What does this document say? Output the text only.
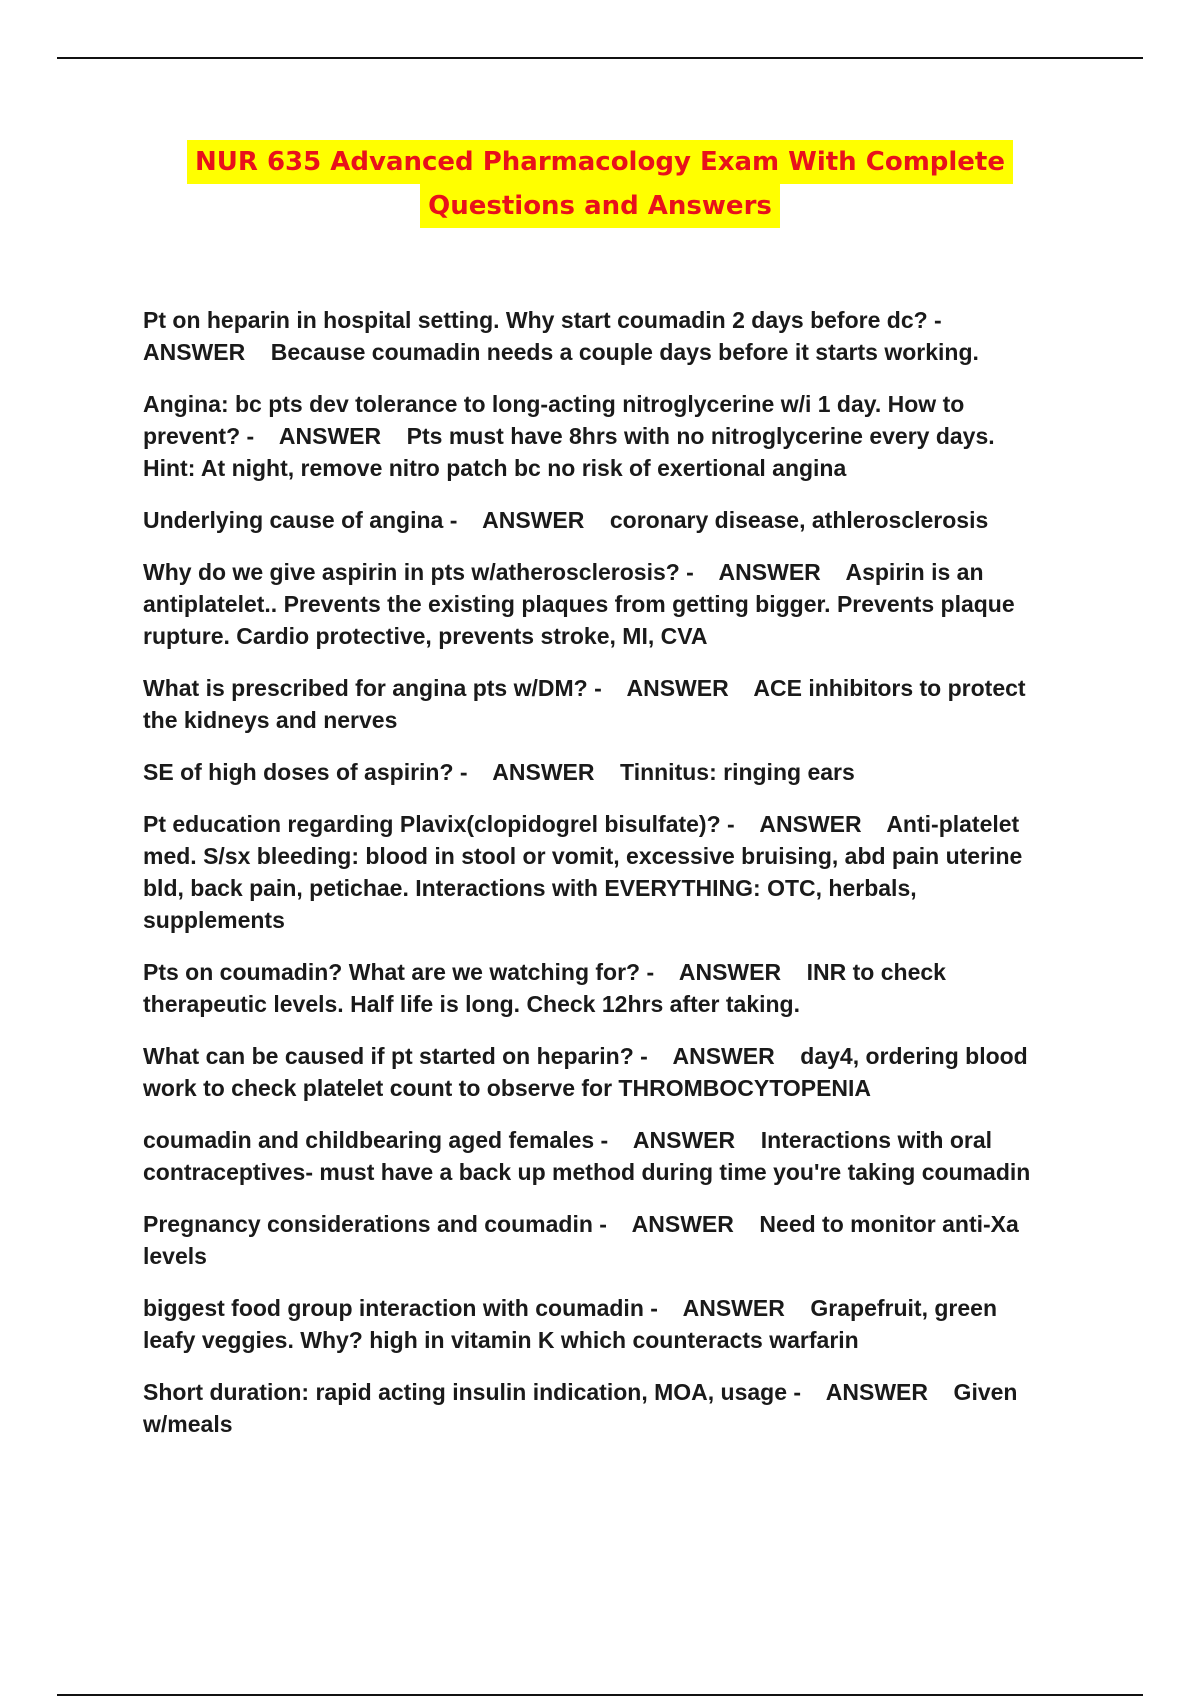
NUR 635 Advanced Pharmacology Exam With Complete
Questions and Answers
Pt on heparin in hospital setting. Why start coumadin 2 days before dc? -
ANSWER    Because coumadin needs a couple days before it starts working.
Angina: bc pts dev tolerance to long-acting nitroglycerine w/i 1 day. How to
prevent? -    ANSWER    Pts must have 8hrs with no nitroglycerine every days.
Hint: At night, remove nitro patch bc no risk of exertional angina
Underlying cause of angina -    ANSWER    coronary disease, athlerosclerosis
Why do we give aspirin in pts w/atherosclerosis? -    ANSWER    Aspirin is an
antiplatelet.. Prevents the existing plaques from getting bigger. Prevents plaque
rupture. Cardio protective, prevents stroke, MI, CVA
What is prescribed for angina pts w/DM? -    ANSWER    ACE inhibitors to protect
the kidneys and nerves
SE of high doses of aspirin? -    ANSWER    Tinnitus: ringing ears
Pt education regarding Plavix(clopidogrel bisulfate)? -    ANSWER    Anti-platelet
med. S/sx bleeding: blood in stool or vomit, excessive bruising, abd pain uterine
bld, back pain, petichae. Interactions with EVERYTHING: OTC, herbals,
supplements
Pts on coumadin? What are we watching for? -    ANSWER    INR to check
therapeutic levels. Half life is long. Check 12hrs after taking.
What can be caused if pt started on heparin? -    ANSWER    day4, ordering blood
work to check platelet count to observe for THROMBOCYTOPENIA
coumadin and childbearing aged females -    ANSWER    Interactions with oral
contraceptives- must have a back up method during time you're taking coumadin
Pregnancy considerations and coumadin -    ANSWER    Need to monitor anti-Xa
levels
biggest food group interaction with coumadin -    ANSWER    Grapefruit, green
leafy veggies. Why? high in vitamin K which counteracts warfarin
Short duration: rapid acting insulin indication, MOA, usage -    ANSWER    Given
w/meals
